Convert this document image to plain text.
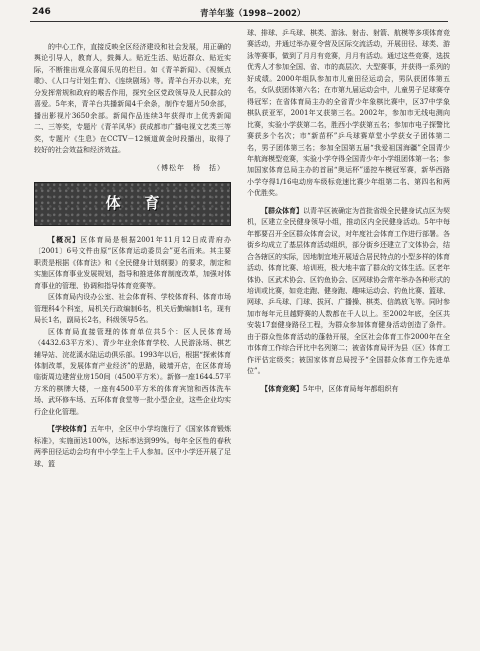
246	青羊年鉴（1998~2002）

的中心工作，直接反映全区经济建设和社会发展，用正确的舆论引导人，教育人，鼓舞人。贴近生活、贴近群众、贴近实际，不断推出观众喜闻乐见的栏目。如《青羊新闻》、《视频点歌》、《人口与计划生育》、《连续剧场》等。青羊台开办以来，充分发挥常规和政府的喉舌作用，探究全区党政领导及人民群众的喜爱。5年来，青羊台共播新闻4千余条，制作专题片50余部，播出影视片3650余部。新闻作品连续3年获得市上优秀新闻二、三等奖，专题片《青羊风华》获成都市广播电视文艺类三等奖，专题片《生息》在CCTV－12频道黄金时段播出，取得了较好的社会效益和经济效益。

（傅松年　杨　括）

体育

【概况】区体育局是根据2001年11月12日成青府办〔2001〕6号文件由原“区体育运动委员会”更名而来。其主要职责是根据《体育法》和《全民健身计划纲要》的要求，制定和实施区体育事业发展规划，指导和推进体育制度改革，加强对体育事业的管理、协调和指导体育竞赛等。

区体育局内设办公室、社会体育科、学校体育科、体育市场管理科4个科室，局机关行政编制6名，机关后勤编制1名，现有局长1名，副局长2名，科级领导5名。

区体育局直接管理的体育单位共5个：区人民体育场（4432.63平方米）、青少年业余体育学校、人民游泳场、棋艺辅导站、浣花溪水陆运动俱乐部。1993年以后，根据“探索体育体制改革，发展体育产业经济”的思路，破墙开店，在区体育场临街周边建营业房150间（4500平方米）。新修一座1644.57平方米的棋牌大楼，一座有4500平方米的体育宾馆和西体洗车场、武环修车场、五环体育食堂等一批小型企业，这些企业均实行企业化管理。

【学校体育】五年中，全区中小学均施行了《国家体育锻炼标准》，实施面达100%，达标率达到99%。每年全区性的春秋两季田径运动会均有中小学生上千人参加。区中小学还开展了足球、篮

球、排球、乒乓球、棋类、游泳、射击、射箭、航模等多项体育竞赛活动，并通过举办夏令营及区际交流活动，开展田径、球类、游泳等赛事，做到了月月有竞赛，月月有活动。通过这些竞赛，选拔优秀人才参加全国、省、市的高层次、大型赛事，并获得一系列的好成绩。2000年组队参加市儿童田径运动会，男队获团体第五名，女队获团体第六名；在市第九届运动会中，儿童男子足球赛夺得冠军；在省体育局主办的全省青少年象棋比赛中，区37中学象棋队获亚军，2001年又获第三名。2002年，参加市无线电测向比赛，实验小学获第二名，胜西小学获第五名；参加市电子探警比赛获多个名次；市“新苗杯”乒乓球赛草堂小学获女子团体第二名，男子团体第三名；参加全国第五届“我爱祖国海疆”全国青少年航海模型竞赛，实验小学夺得全国青少年小学组团体第一名；参加国家体育总局主办的首届“奥运杯”遥控车模冠军赛，新华西路小学夺得1/16电动房车级标竞速比赛少年组第二名、第四名和两个优胜奖。

【群众体育】以青羊区被确定为首批省级全民健身试点区为契机，区建立全民健身领导小组，推动区内全民健身活动。5年中每年都要召开全区群众体育会议，对年度社会体育工作进行部署。各街乡均成立了基层体育活动组织，部分街乡还建立了文体协会，结合各辖区的实际，因地制宜地开展适合居民特点的小型多样的体育活动、体育比赛、培训班，极大地丰富了群众的文体生活。区老年体协、区武术协会、区钓鱼协会、区网球协会常年举办各种形式的培训或比赛，如竞走跑、健身跑、趣味运动会、钓鱼比赛、篮球、网球、乒乓球、门球、拔河、广播操、棋类、信鸽放飞等。同时参加市每年元旦越野赛的人数都在千人以上。至2002年底，全区共安装17套健身路径工程，为群众参加体育健身活动创造了条件。由于群众性体育活动的蓬勃开展，全区社会体育工作2000年在全市体育工作综合评比中名列第二；被省体育局评为县（区）体育工作评估定级奖；被国家体育总局授予“全国群众体育工作先进单位”。

【体育竞赛】5年中，区体育局每年都组织有
